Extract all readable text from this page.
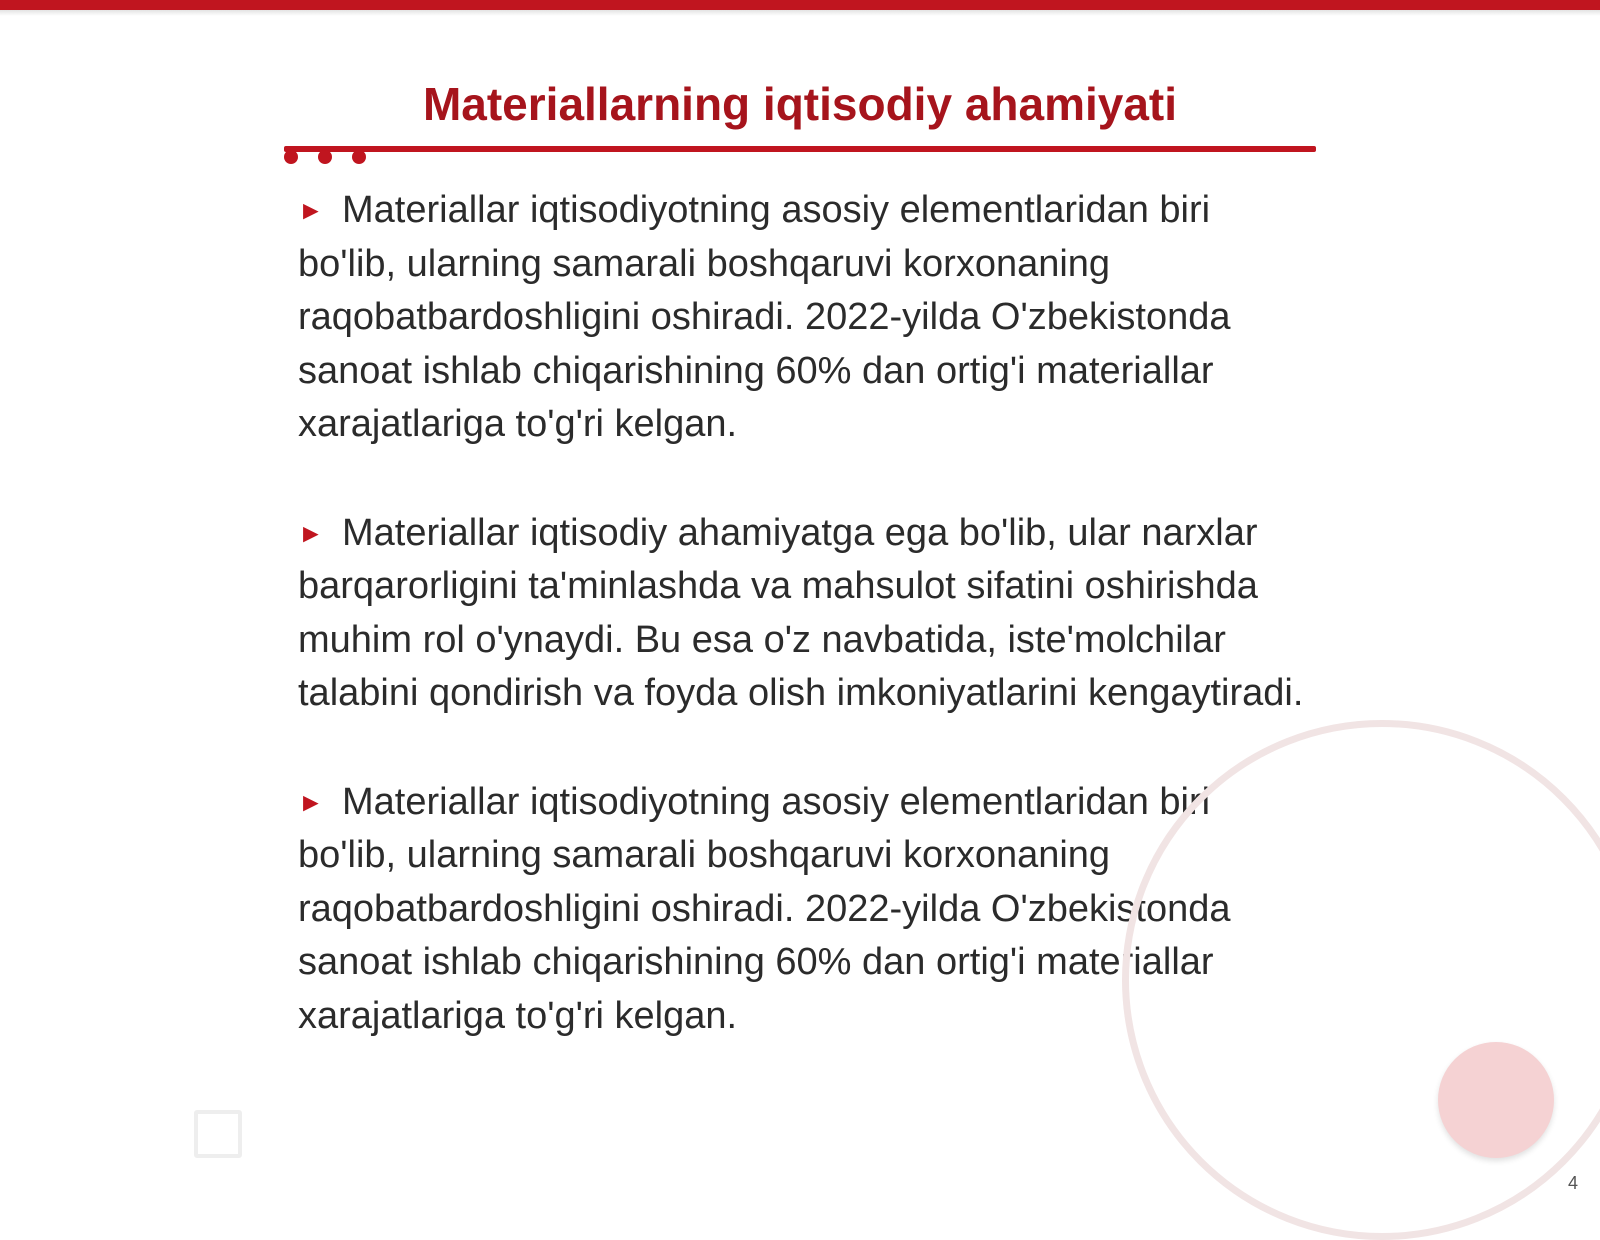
Materiallarning iqtisodiy ahamiyati

► Materiallar iqtisodiyotning asosiy elementlaridan biri bo'lib, ularning samarali boshqaruvi korxonaning raqobatbardoshligini oshiradi. 2022-yilda O'zbekistonda sanoat ishlab chiqarishining 60% dan ortig'i materiallar xarajatlariga to'g'ri kelgan.

► Materiallar iqtisodiy ahamiyatga ega bo'lib, ular narxlar barqarorligini ta'minlashda va mahsulot sifatini oshirishda muhim rol o'ynaydi. Bu esa o'z navbatida, iste'molchilar talabini qondirish va foyda olish imkoniyatlarini kengaytiradi.

► Materiallar iqtisodiyotning asosiy elementlaridan biri bo'lib, ularning samarali boshqaruvi korxonaning raqobatbardoshligini oshiradi. 2022-yilda O'zbekistonda sanoat ishlab chiqarishining 60% dan ortig'i materiallar xarajatlariga to'g'ri kelgan.

4
